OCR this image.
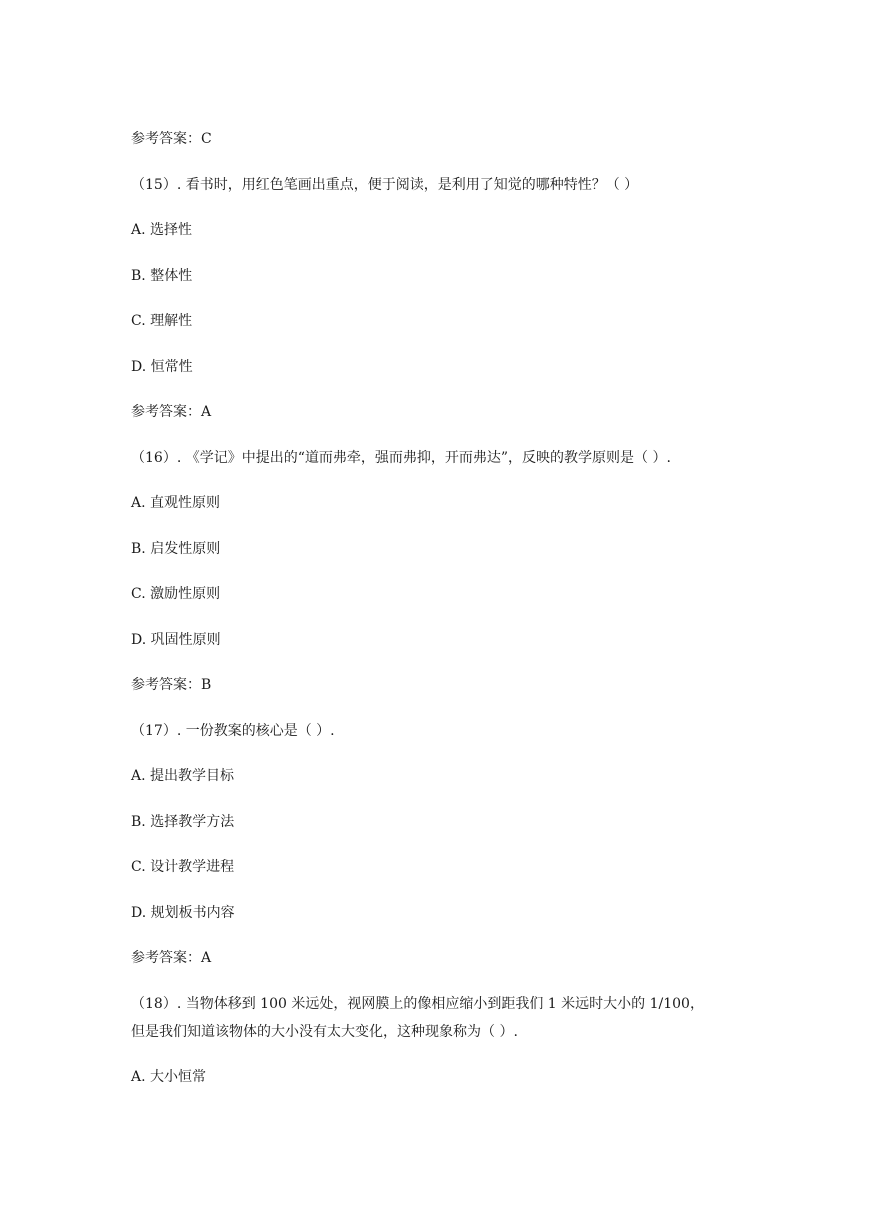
参考答案：C
（15）. 看书时，用红色笔画出重点，便于阅读，是利用了知觉的哪种特性？（ ）
A. 选择性
B. 整体性
C. 理解性
D. 恒常性
参考答案：A
（16）. 《学记》中提出的“道而弗牵，强而弗抑，开而弗达”，反映的教学原则是（ ）.
A. 直观性原则
B. 启发性原则
C. 激励性原则
D. 巩固性原则
参考答案：B
（17）. 一份教案的核心是（ ）.
A. 提出教学目标
B. 选择教学方法
C. 设计教学进程
D. 规划板书内容
参考答案：A
（18）. 当物体移到 100 米远处，视网膜上的像相应缩小到距我们 1 米远时大小的 1/100，
但是我们知道该物体的大小没有太大变化，这种现象称为（ ）.
A. 大小恒常
